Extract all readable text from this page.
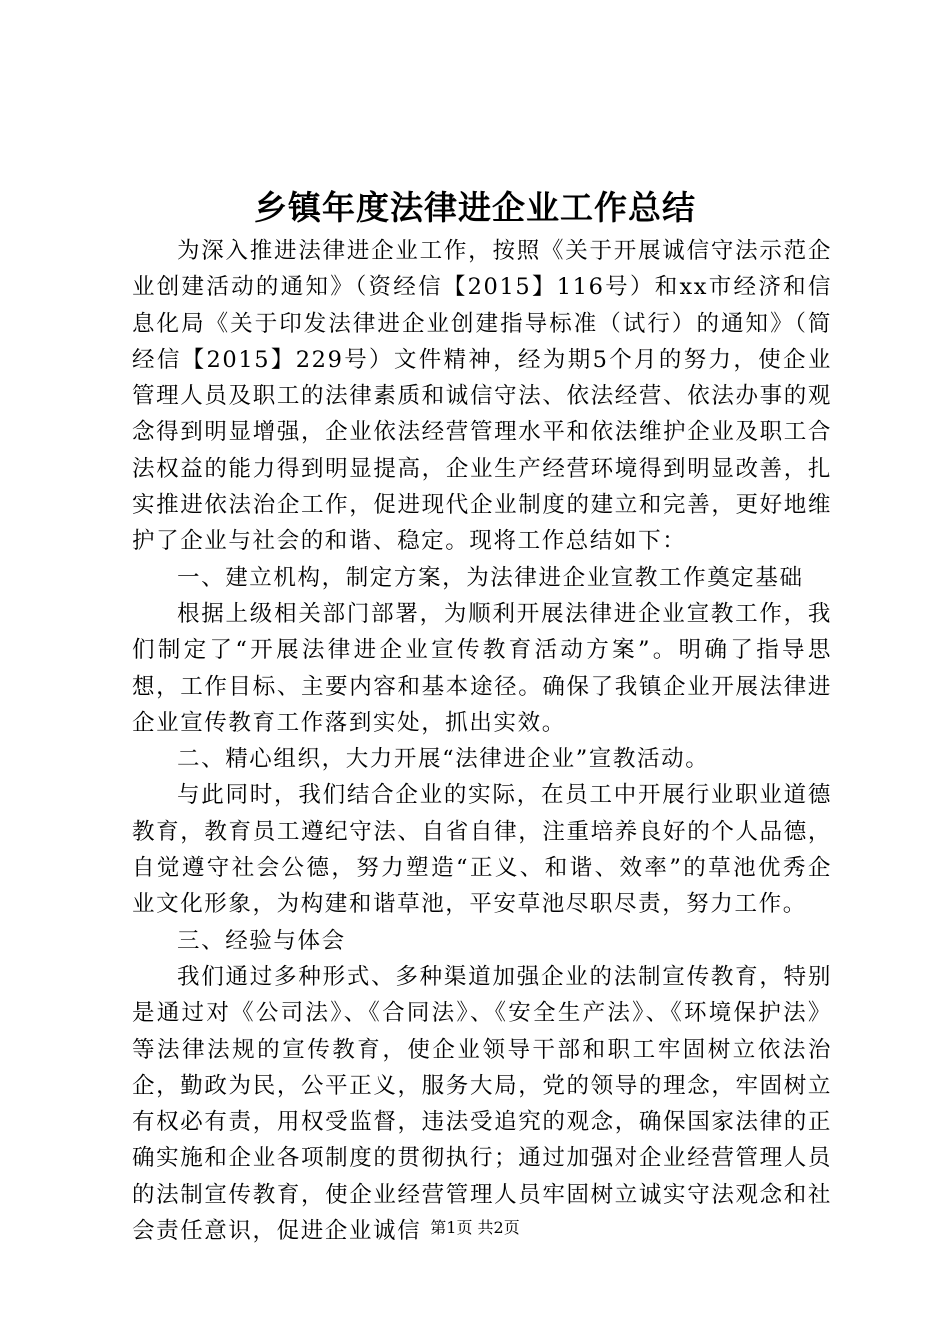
乡镇年度法律进企业工作总结

为深入推进法律进企业工作，按照《关于开展诚信守法示范企业创建活动的通知》（资经信【2015】116号）和xx市经济和信息化局《关于印发法律进企业创建指导标准（试行）的通知》（简经信【2015】229号）文件精神，经为期5个月的努力，使企业管理人员及职工的法律素质和诚信守法、依法经营、依法办事的观念得到明显增强，企业依法经营管理水平和依法维护企业及职工合法权益的能力得到明显提高，企业生产经营环境得到明显改善，扎实推进依法治企工作，促进现代企业制度的建立和完善，更好地维护了企业与社会的和谐、稳定。现将工作总结如下：

一、建立机构，制定方案，为法律进企业宣教工作奠定基础

根据上级相关部门部署，为顺利开展法律进企业宣教工作，我们制定了“开展法律进企业宣传教育活动方案”。明确了指导思想，工作目标、主要内容和基本途径。确保了我镇企业开展法律进企业宣传教育工作落到实处，抓出实效。

二、精心组织，大力开展“法律进企业”宣教活动。

与此同时，我们结合企业的实际，在员工中开展行业职业道德教育，教育员工遵纪守法、自省自律，注重培养良好的个人品德，自觉遵守社会公德，努力塑造“正义、和谐、效率”的草池优秀企业文化形象，为构建和谐草池，平安草池尽职尽责，努力工作。

三、经验与体会

我们通过多种形式、多种渠道加强企业的法制宣传教育，特别是通过对《公司法》、《合同法》、《安全生产法》、《环境保护法》等法律法规的宣传教育，使企业领导干部和职工牢固树立依法治企，勤政为民，公平正义，服务大局，党的领导的理念，牢固树立有权必有责，用权受监督，违法受追究的观念，确保国家法律的正确实施和企业各项制度的贯彻执行；通过加强对企业经营管理人员的法制宣传教育，使企业经营管理人员牢固树立诚实守法观念和社会责任意识，促进企业诚信 第1页 共2页
